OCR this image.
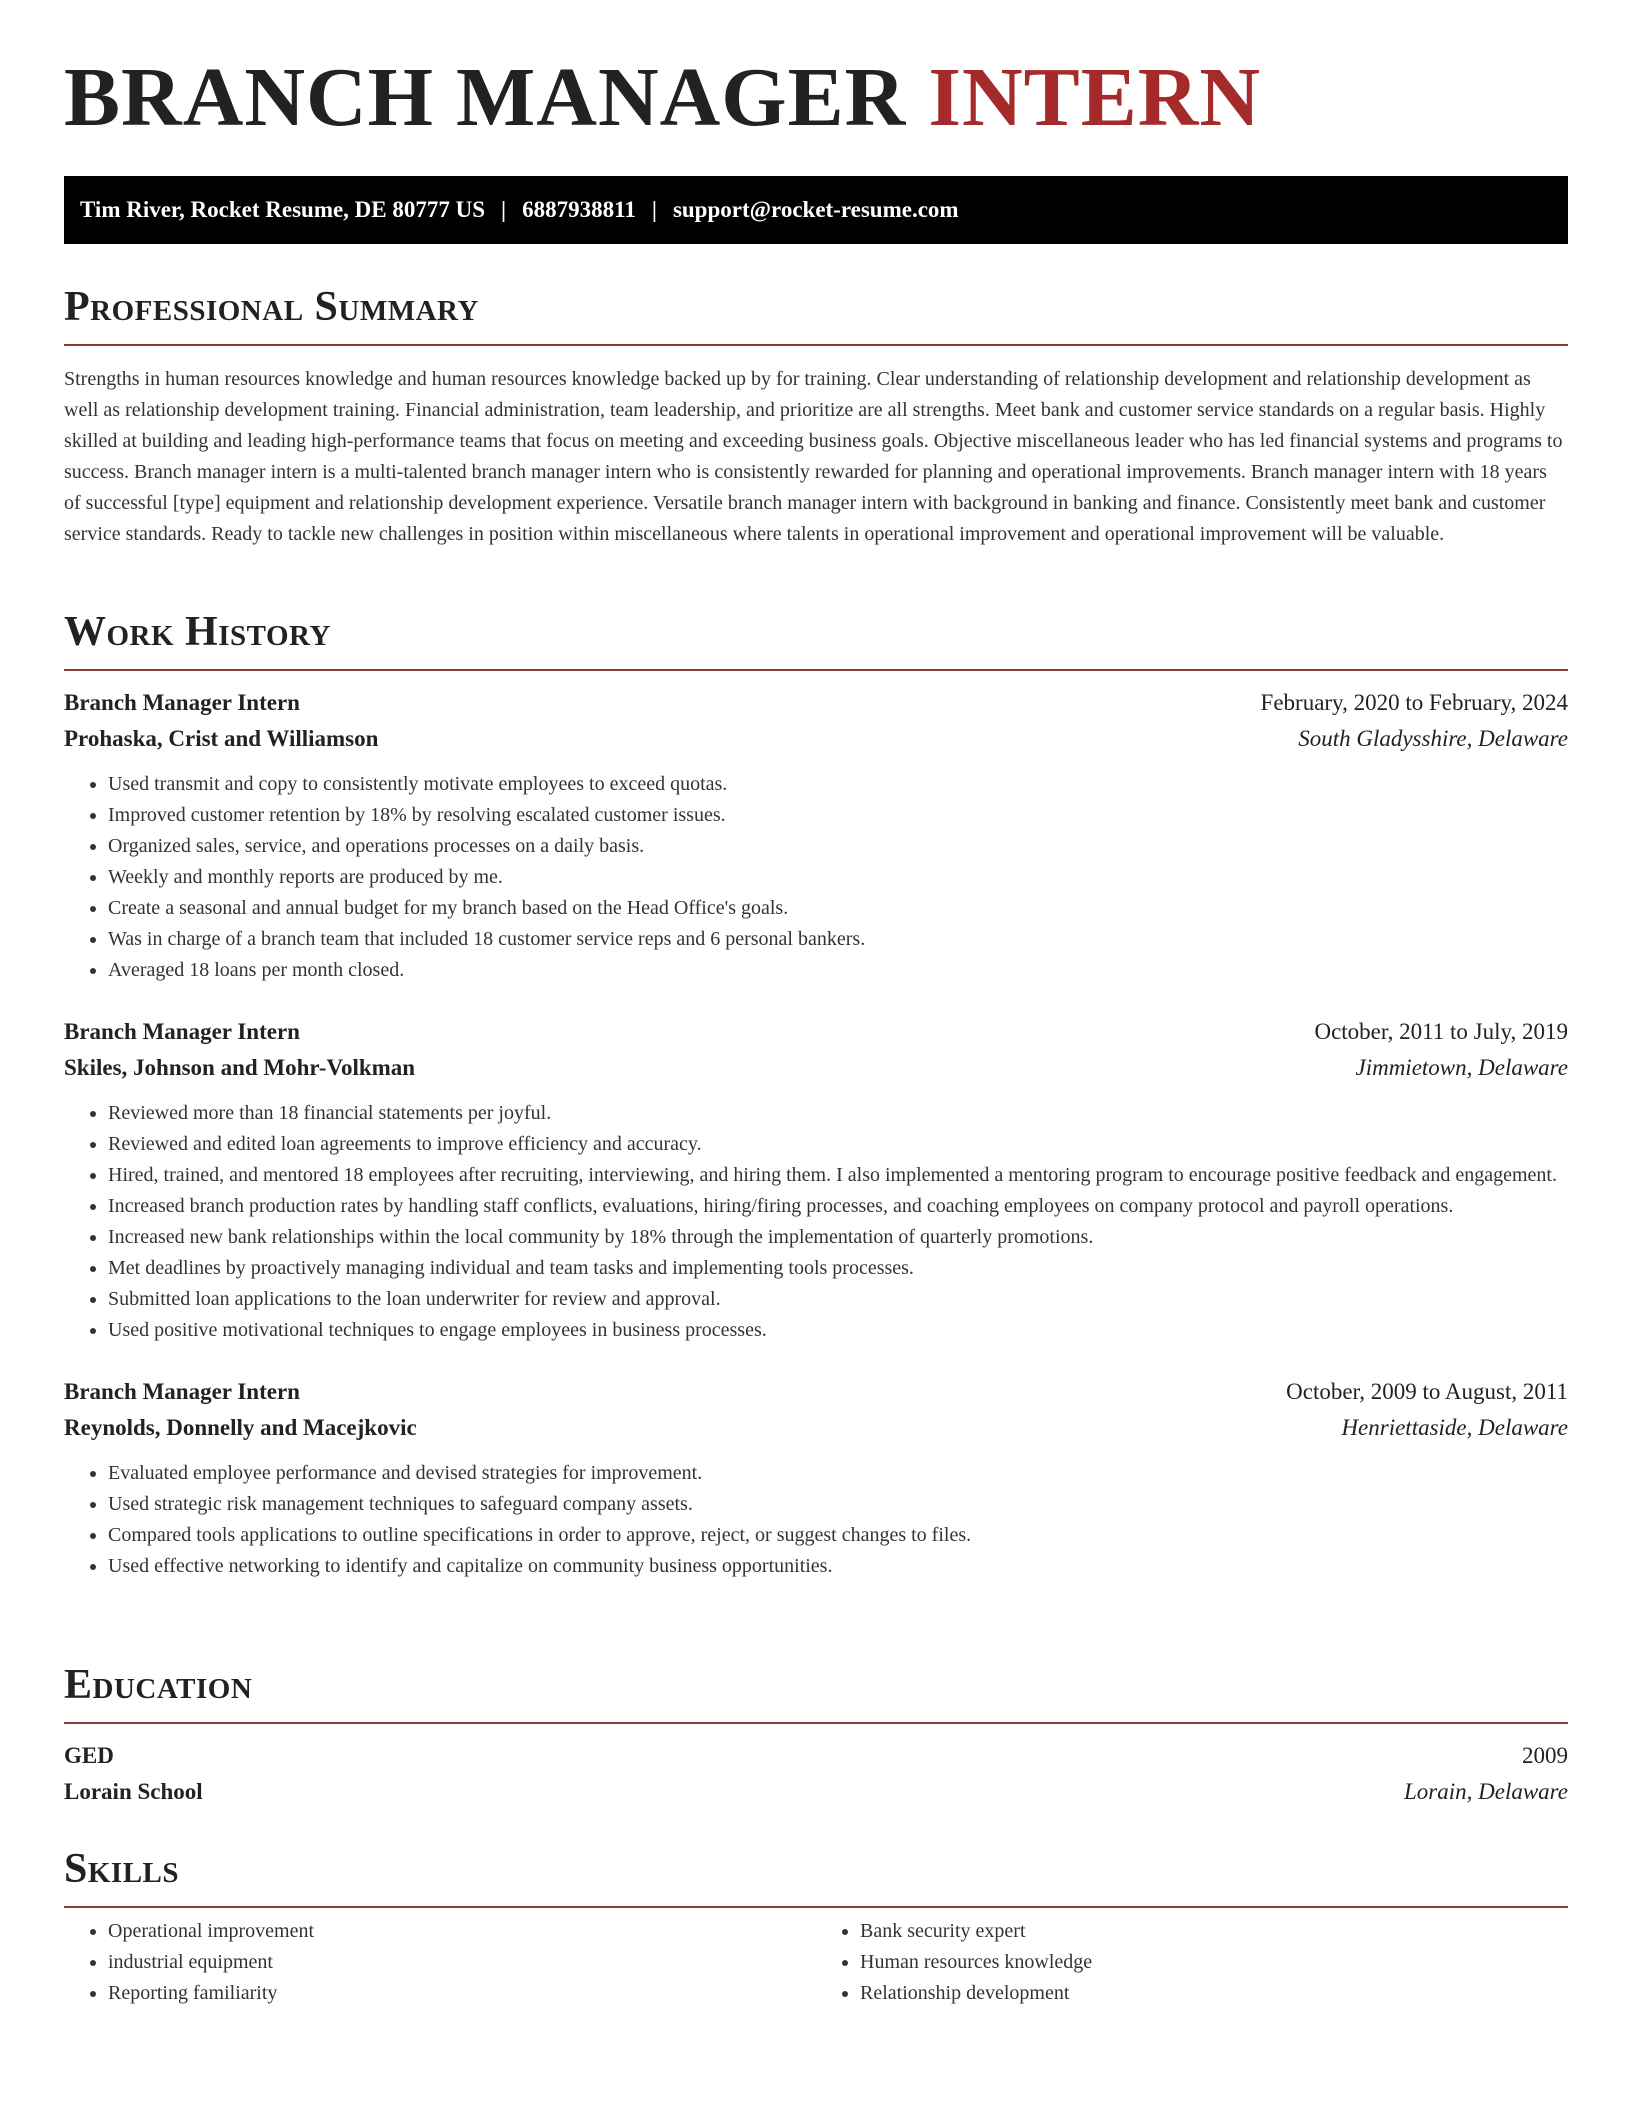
BRANCH MANAGER INTERN
Tim River, Rocket Resume, DE 80777 US | 6887938811 | support@rocket-resume.com
Professional Summary

Strengths in human resources knowledge and human resources knowledge backed up by for training. Clear understanding of relationship development and relationship development as well as relationship development training. Financial administration, team leadership, and prioritize are all strengths. Meet bank and customer service standards on a regular basis. Highly skilled at building and leading high-performance teams that focus on meeting and exceeding business goals. Objective miscellaneous leader who has led financial systems and programs to success. Branch manager intern is a multi-talented branch manager intern who is consistently rewarded for planning and operational improvements. Branch manager intern with 18 years of successful [type] equipment and relationship development experience. Versatile branch manager intern with background in banking and finance. Consistently meet bank and customer service standards. Ready to tackle new challenges in position within miscellaneous where talents in operational improvement and operational improvement will be valuable.

Work History
Branch Manager Intern	February, 2020 to February, 2024
Prohaska, Crist and Williamson	South Gladysshire, Delaware
• Used transmit and copy to consistently motivate employees to exceed quotas.
• Improved customer retention by 18% by resolving escalated customer issues.
• Organized sales, service, and operations processes on a daily basis.
• Weekly and monthly reports are produced by me.
• Create a seasonal and annual budget for my branch based on the Head Office's goals.
• Was in charge of a branch team that included 18 customer service reps and 6 personal bankers.
• Averaged 18 loans per month closed.
Branch Manager Intern	October, 2011 to July, 2019
Skiles, Johnson and Mohr-Volkman	Jimmietown, Delaware
• Reviewed more than 18 financial statements per joyful.
• Reviewed and edited loan agreements to improve efficiency and accuracy.
• Hired, trained, and mentored 18 employees after recruiting, interviewing, and hiring them. I also implemented a mentoring program to encourage positive feedback and engagement.
• Increased branch production rates by handling staff conflicts, evaluations, hiring/firing processes, and coaching employees on company protocol and payroll operations.
• Increased new bank relationships within the local community by 18% through the implementation of quarterly promotions.
• Met deadlines by proactively managing individual and team tasks and implementing tools processes.
• Submitted loan applications to the loan underwriter for review and approval.
• Used positive motivational techniques to engage employees in business processes.
Branch Manager Intern	October, 2009 to August, 2011
Reynolds, Donnelly and Macejkovic	Henriettaside, Delaware
• Evaluated employee performance and devised strategies for improvement.
• Used strategic risk management techniques to safeguard company assets.
• Compared tools applications to outline specifications in order to approve, reject, or suggest changes to files.
• Used effective networking to identify and capitalize on community business opportunities.
Education
GED	2009
Lorain School	Lorain, Delaware
Skills
• Operational improvement
• industrial equipment
• Reporting familiarity
• Bank security expert
• Human resources knowledge
• Relationship development
